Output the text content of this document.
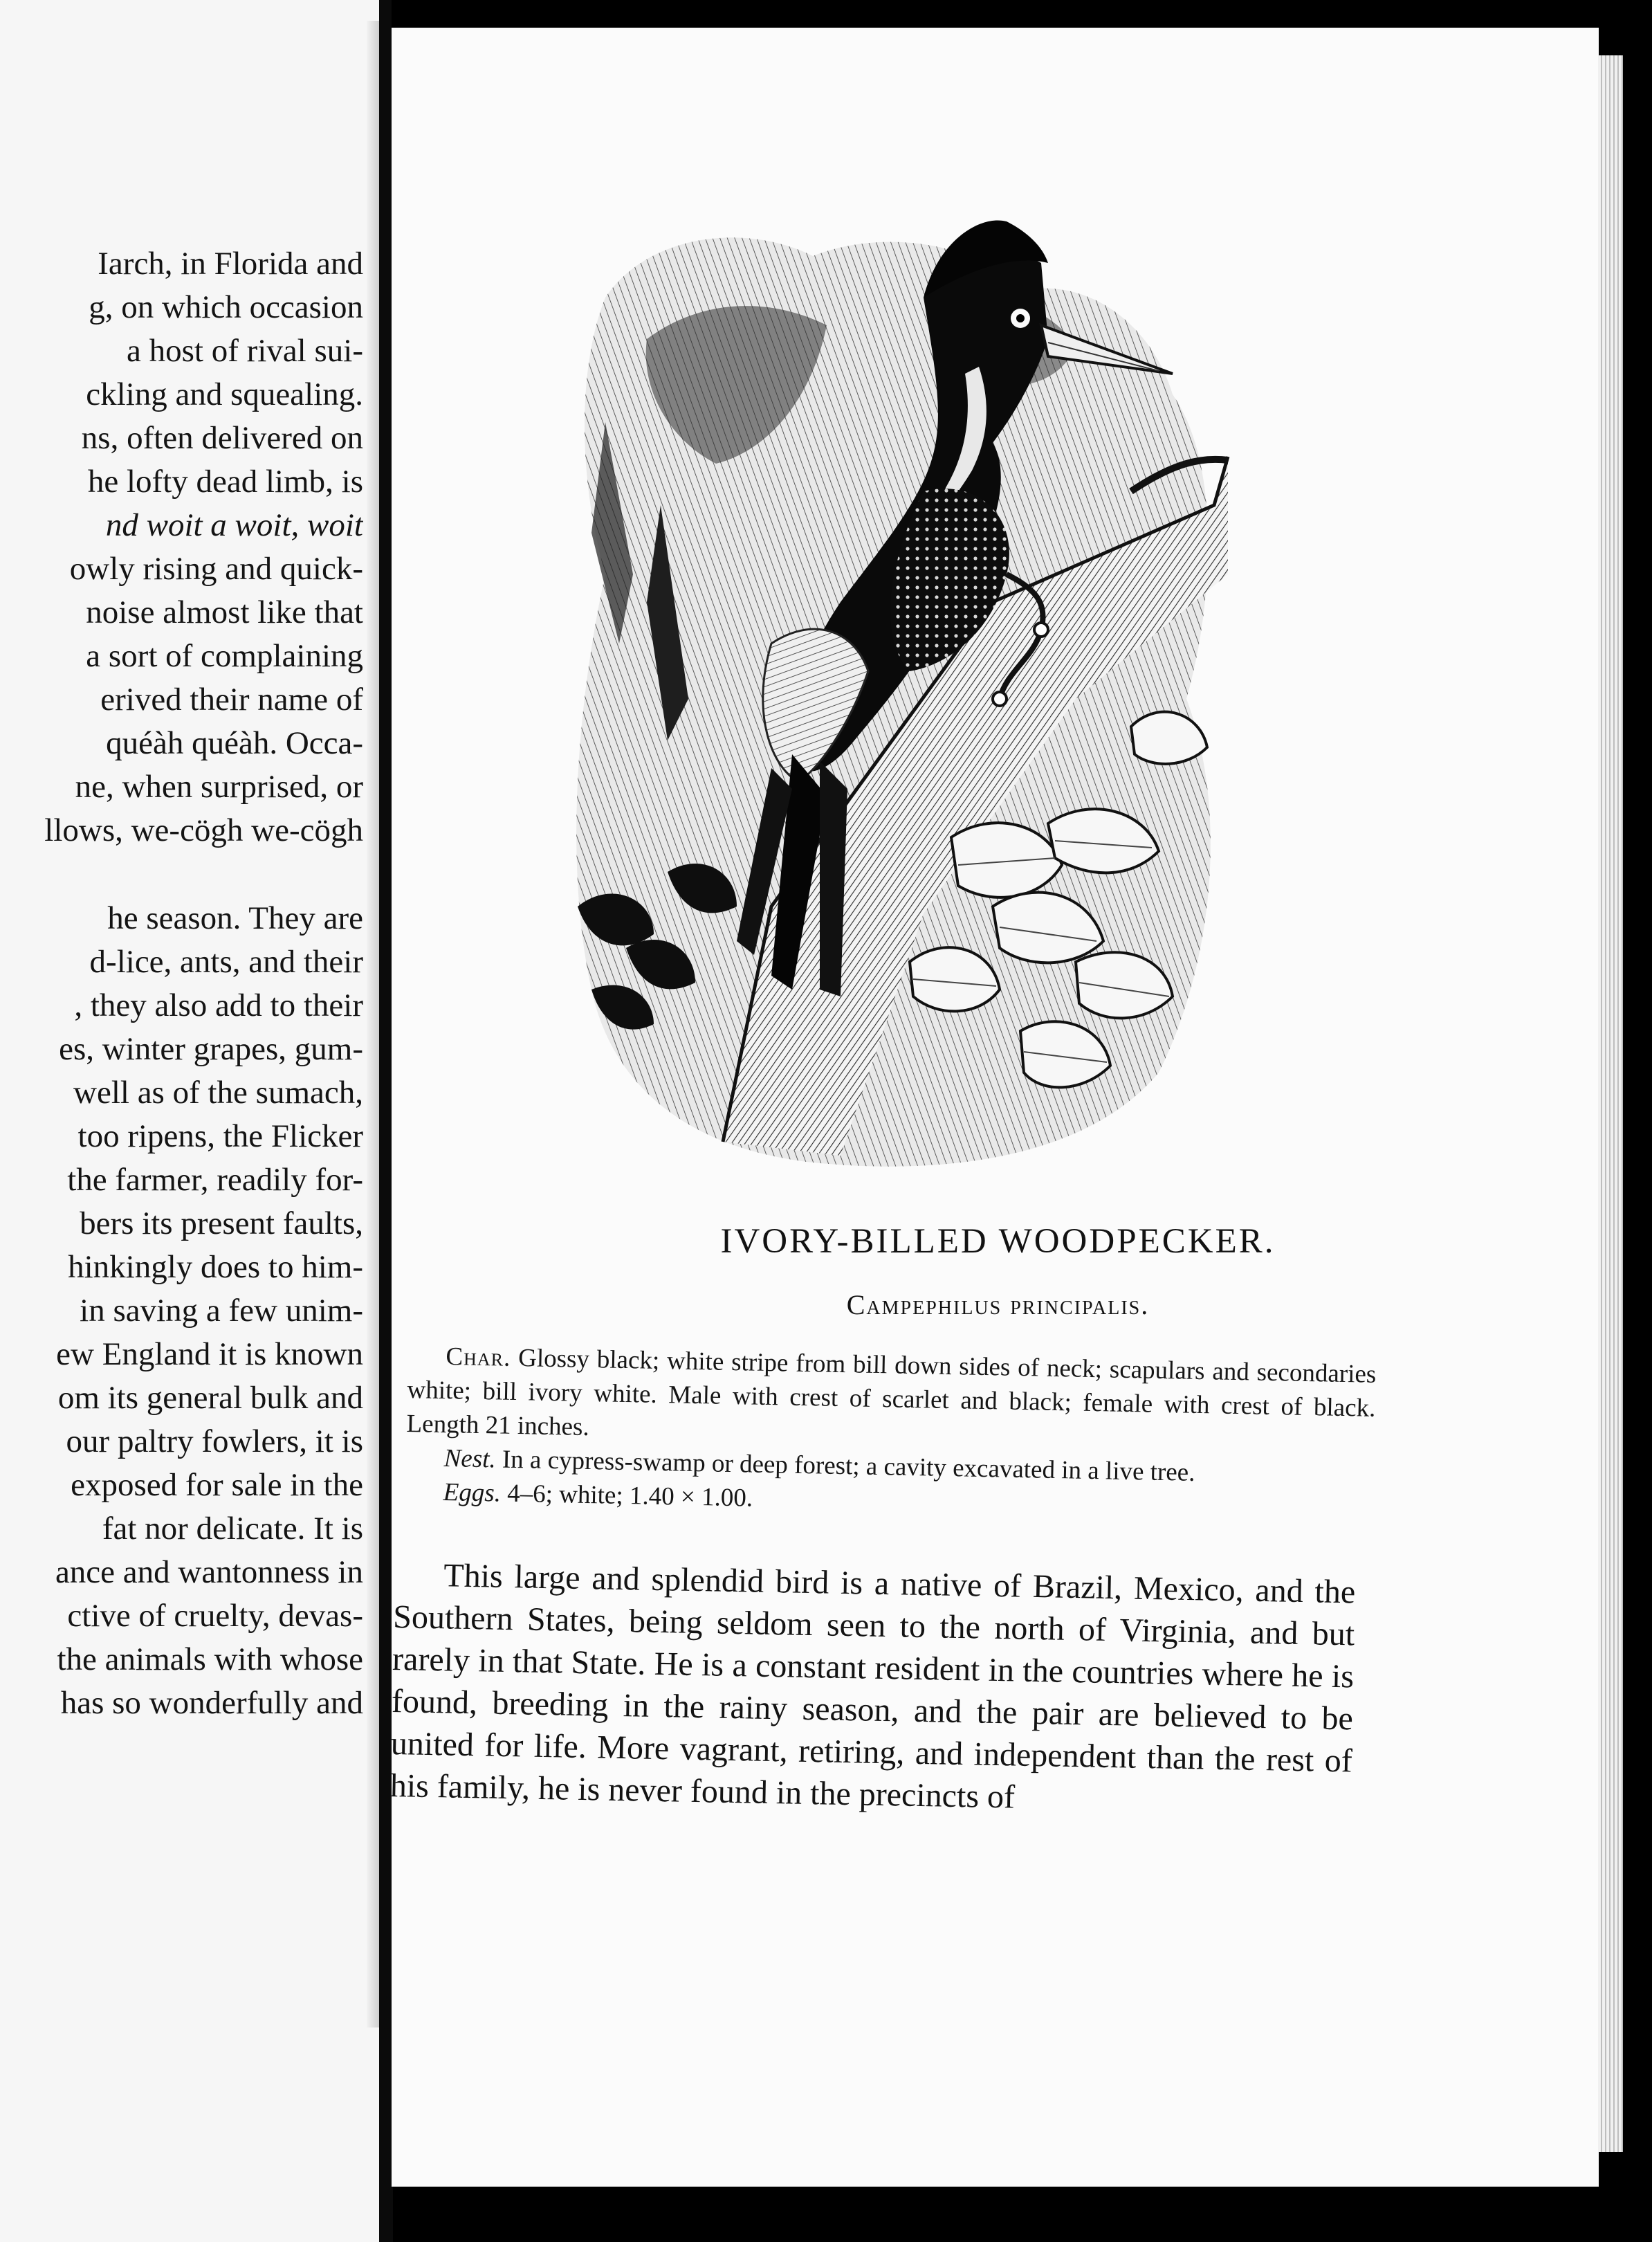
Iarch, in Florida and
g, on which occasion
a host of rival sui-
ckling and squealing.
ns, often delivered on
he lofty dead limb, is
nd woit a woit, woit
owly rising and quick-
noise almost like that
a sort of complaining
erived their name of
quéàh quéàh. Occa-
ne, when surprised, or
llows, we-cögh we-cögh
he season. They are
d-lice, ants, and their
, they also add to their
es, winter grapes, gum-
well as of the sumach,
too ripens, the Flicker
the farmer, readily for-
bers its present faults,
hinkingly does to him-
in saving a few unim-
ew England it is known
om its general bulk and
our paltry fowlers, it is
exposed for sale in the
fat nor delicate. It is
ance and wantonness in
ctive of cruelty, devas-
the animals with whose
has so wonderfully and
IVORY-BILLED WOODPECKER.
Campephilus principalis.

Char. Glossy black; white stripe from bill down sides of neck; scapulars and secondaries white; bill ivory white. Male with crest of scarlet and black; female with crest of black. Length 21 inches.

Nest. In a cypress-swamp or deep forest; a cavity excavated in a live tree.

Eggs. 4–6; white; 1.40 × 1.00.

This large and splendid bird is a native of Brazil, Mexico, and the Southern States, being seldom seen to the north of Virginia, and but rarely in that State. He is a constant resident in the countries where he is found, breeding in the rainy season, and the pair are believed to be united for life. More vagrant, retiring, and independent than the rest of his family, he is never found in the precincts of
